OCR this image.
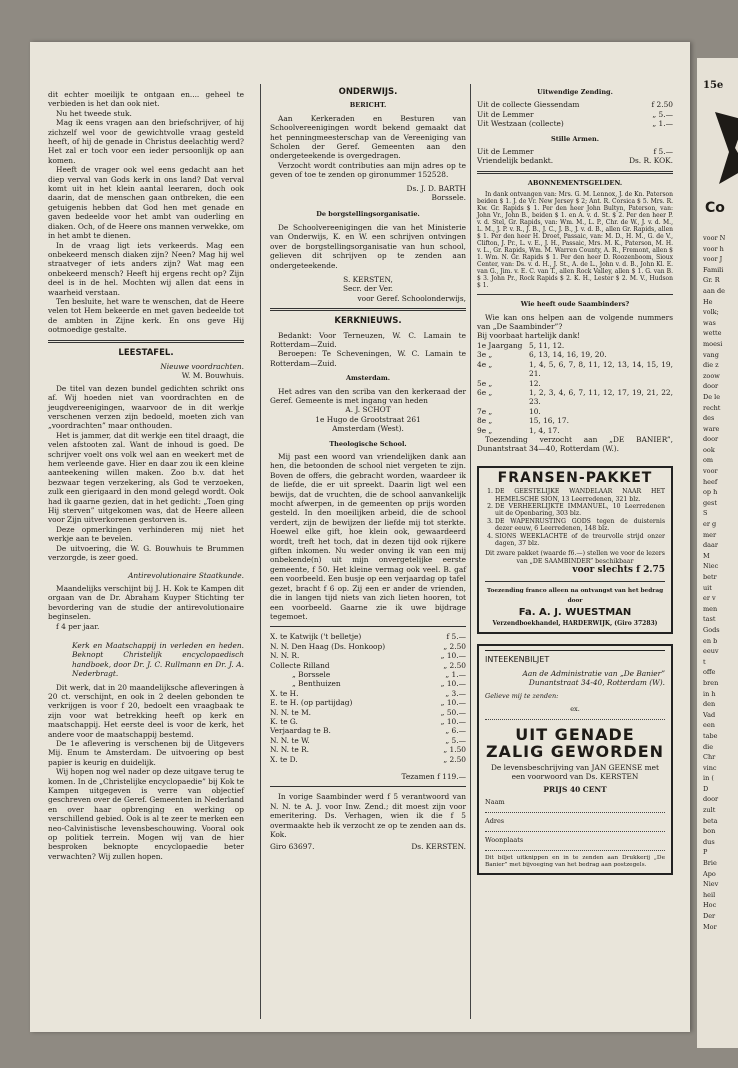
dit echter moeilijk te ontgaan en.... geheel te verbieden is het dan ook niet.

Nu het tweede stuk.

Mag ik eens vragen aan den briefschrijver, of hij zichzelf wel voor de gewichtvolle vraag gesteld heeft, of hij de genade in Christus deelachtig werd? Het zal er toch voor een ieder persoonlijk op aan komen.

Heeft de vrager ook wel eens gedacht aan het diep verval van Gods kerk in ons land? Dat verval komt uit in het klein aantal leeraren, doch ook daarin, dat de menschen gaan ontbreken, die een getuigenis hebben dat God hen met genade en gaven bedeelde voor het ambt van ouderling en diaken. Och, of de Heere ons mannen verwekke, om in het ambt te dienen.

In de vraag ligt iets verkeerds. Mag een onbekeerd mensch diaken zijn? Neen? Mag hij wel straatveger of iets anders zijn? Wat mag een onbekeerd mensch? Heeft hij ergens recht op? Zijn deel is in de hel. Mochten wij allen dat eens in waarheid verstaan.

Ten besluite, het ware te wenschen, dat de Heere velen tot Hem bekeerde en met gaven bedeelde tot de ambten in Zijne kerk. En ons geve Hij ootmoedige gestalte.

LEESTAFEL.

Nieuwe voordrachten.

W. M. Bouwhuis.

De titel van dezen bundel gedichten schrikt ons af. Wij hoeden niet van voordrachten en de jeugdvereenigingen, waarvoor de in dit werkje verschenen verzen zijn bedoeld, moeten zich van „voordrachten” maar onthouden.

Het is jammer, dat dit werkje een titel draagt, die velen afstooten zal. Want de inhoud is goed. De schrijver voelt ons volk wel aan en weekert met de hem verleende gave. Hier en daar zou ik een kleine aanteekening willen maken. Zoo b.v. dat het bezwaar tegen verzekering, als God te verzoeken, zulk een gierigaard in den mond gelegd wordt. Ook had ik gaarne gezien, dat in het gedicht: „Toen ging Hij sterven” uitgekomen was, dat de Heere alleen voor Zijn uitverkorenen gestorven is.

Deze opmerkingen verhinderen mij niet het werkje aan te bevelen.

De uitvoering, die W. G. Bouwhuis te Brummen verzorgde, is zeer goed.

Antirevolutionaire Staatkunde.

Maandelijks verschijnt bij J. H. Kok te Kampen dit orgaan van de Dr. Abraham Kuyper Stichting ter bevordering van de studie der antirevolutionaire beginselen.

f 4 per jaar.

Kerk en Maatschappij in verleden en heden. Beknopt Christelijk encyclopaedisch handboek, door Dr. J. C. Rullmann en Dr. J. A. Nederbragt.

Dit werk, dat in 20 maandelijksche afleveringen à 20 ct. verschijnt, en ook in 2 deelen gebonden te verkrijgen is voor f 20, bedoelt een vraagbaak te zijn voor wat betrekking heeft op kerk en maatschappij. Het eerste deel is voor de kerk, het andere voor de maatschappij bestemd.

De 1e aflevering is verschenen bij de Uitgevers Mij. Enum te Amsterdam. De uitvoering op best papier is keurig en duidelijk.

Wij hopen nog wel nader op deze uitgave terug te komen. In de „Christelijke encyclopaedie” bij Kok te Kampen uitgegeven is verre van objectief geschreven over de Geref. Gemeenten in Nederland en over haar opbrenging en werking op verschillend gebied. Ook is al te zeer te merken een neo-Calvinistische levensbeschouwing. Vooral ook op politiek terrein. Mogen wij van de hier besproken beknopte encyclopaedie beter verwachten? Wij zullen hopen.

ONDERWIJS.
BERICHT.

Aan Kerkeraden en Besturen van Schoolvereenigingen wordt bekend gemaakt dat het penningmeesterschap van de Vereeniging van Scholen der Geref. Gemeenten aan den ondergeteekende is overgedragen.

Verzocht wordt contributies aan mijn adres op te geven of toe te zenden op gironummer 152528.

Ds. J. D. BARTH

Borssele.

De borgstellingsorganisatie.

De Schoolvereenigingen die van het Ministerie van Onderwijs, K. en W. een schrijven ontvingen over de borgstellingsorganisatie van hun school, gelieven dit schrijven op te zenden aan ondergeteekende.

S. KERSTEN,

Secr. der Ver.

voor Geref. Schoolonderwijs,

KERKNIEUWS.

Bedankt: Voor Terneuzen, W. C. Lamain te Rotterdam—Zuid.

Beroepen: Te Scheveningen, W. C. Lamain te Rotterdam—Zuid.

Amsterdam.

Het adres van den scriba van den kerkeraad der Geref. Gemeente is met ingang van heden

A. J. SCHOT

1e Hugo de Grootstraat 261

Amsterdam (West).

Theologische School.

Mij past een woord van vriendelijken dank aan hen, die betoonden de school niet vergeten te zijn. Boven de offers, die gebracht worden, waardeer ik de liefde, die er uit spreekt. Daarin ligt wel een bewijs, dat de vruchten, die de school aanvankelijk mocht afwerpen, in de gemeenten op prijs worden gesteld. In den moeilijken arbeid, die de school verdert, zijn de bewijzen der liefde mij tot sterkte. Hoewel elke gift, hoe klein ook, gewaardeerd wordt, treft het toch, dat in dezen tijd ook rijkere giften inkomen. Nu weder onving ik van een mij onbekende(n) uit mijn onvergetelijke eerste gemeente, f 50. Het kleine vermag ook veel. B. gaf een voorbeeld. Een busje op een verjaardag op tafel gezet, bracht f 6 op. Zij een er ander de vrienden, die in langen tijd niets van zich lieten hooren, tot een voorbeeld. Gaarne zie ik uwe bijdrage tegemoet.

X. te Katwijk ('t belletje)	f 5.—
N. N. Den Haag (Ds. Honkoop)	„ 2.50
N. N. R.	„ 10.—
Collecte Rilland	„ 2.50
„ Borssele	„ 1.—
„ Benthuizen	„ 10.—
X. te H.	„ 3.—
E. te H. (op partijdag)	„ 10.—
N. N. te M.	„ 50.—
K. te G.	„ 10.—
Verjaardag te B.	„ 6.—
N. N. te W.	„ 5.—
N. N. te R.	„ 1.50
X. te D.	„ 2.50

Tezamen f 119.—

In vorige Saambinder werd f 5 verantwoord van N. N. te A. J. voor Inw. Zend.; dit moest zijn voor emeritering. Ds. Verhagen, wien ik die f 5 overmaakte heb ik verzocht ze op te zenden aan ds. Kok.

Giro 63697.	Ds. KERSTEN.
Uitwendige Zending.
Uit de collecte Giessendam	f 2.50
Uit de Lemmer	„ 5.—
Uit Westzaan (collecte)	„ 1.—
Stille Armen.
Uit de Lemmer	f 5.—
Vriendelijk bedankt.	Ds. R. KOK.
ABONNEMENTSGELDEN.

In dank ontvangen van: Mrs. G. M. Lennox, J. de Kn. Paterson beiden $ 1. J. de Vr. New Jersey $ 2; Ant. R. Corsica $ 5. Mrs. R. Kw. Gr. Rapids $ 1. Per den heer John Bultyn, Paterson, van: John Vr., John B., beiden $ 1. en A. v. d. St. $ 2. Per den heer P. v. d. Stel, Gr. Rapids, van: Wm. M., L. P., Chr. de W., J. v. d. M., L. M., J. P. v. R., J. B., J. C., J. B., J. v. d. B., allen Gr. Rapids, allen $ 1. Per den heer H. Droet, Passaic, van: M. D., H. M., G. de V., Clifton, J. Pr., L. v. E., J. H., Passaic, Mrs. M. K., Paterson, M. H. v. L., Gr. Rapids, Wm. M. Warren County, A. R., Fremont, allen $ 1. Wm. N. Gr. Rapids $ 1. Per den heer D. Roozenboom, Sioux Center, van: Ds. v. d. H., J. St., A. de L., John v. d. B., John Kl. E. van G., Jim. v. E. C. van T., allen Rock Valley, allen $ 1. G. van B. $ 3. John Pr., Rock Rapids $ 2. K. H., Lester $ 2. M. V., Hudson $ 1.

Wie heeft oude Saambinders?

Wie kan ons helpen aan de volgende nummers van „De Saambinder”?

Bij voorbaat hartelijk dank!

1e Jaargang 5, 11, 12.
3e „	6, 13, 14, 16, 19, 20.
4e „	1, 4, 5, 6, 7, 8, 11, 12, 13, 14, 15, 19, 21.
5e „	12.
6e „	1, 2, 3, 4, 6, 7, 11, 12, 17, 19, 21, 22, 23.
7e „	10.
8e „	15, 16, 17.
9e „	1, 4, 17.

Toezending verzocht aan „DE BANIER”, Dunantstraat 34—40, Rotterdam (W.).

FRANSEN-PAKKET
1. DE GEESTELIJKE WANDELAAR NAAR HET HEMELSCHE SION, 13 Leerredenen, 321 blz.
2. DE VERHEERLIJKTE IMMANUEL, 10 Leerredenen uit de Openbaring, 303 blz.
3. DE WAPENRUSTING GODS tegen de duisternis dezer eeuw, 6 Leerredenen, 148 blz.
4. SIONS WEEKLACHTE of de treurvolle strijd onzer dagen, 37 blz.

Dit zware pakket (waarde f6.—) stellen we voor de lezers van „DE SAAMBINDER” beschikbaar

voor slechts f 2.75

Toezending franco alleen na ontvangst van het bedrag door

Fa. A. J. WUESTMAN

Verzendboekhandel, HARDERWIJK, (Giro 37283)

INTEEKENBILJET

Aan de Administratie van „De Banier”

Dunantstraat 34-40, Rotterdam (W).

Gelieve mij te zenden:

ex.
UIT GENADE
ZALIG GEWORDEN

De levensbeschrijving van JAN GEENSE met een voorwoord van Ds. KERSTEN

PRIJS 40 CENT

Naam
Adres
Woonplaats

Dit biljet uitknippen en in te zenden aan Drukkerij „De Banier” met bijvoeging van het bedrag aan postzegels.

15e
Co
voor N
voor h
voor J
Famili
Gr. R
aan de
He
volk;
was
wette
moesi
vang
die z
zoow
door
De le
recht
des
ware
door
ook
om
voor
heef
op h
gest
S
er g
mer
daar
M
Niec
betr
uit
er v
men
tast
Gods
en b
eeuv
t
offe
bren
in h
den
Vad
een
tabe
die
Chr
vinc
in (
D
door
zult
beta
bon
dus
P
Brie
Apo
Niev
heil
Hoc
Der
Mor
